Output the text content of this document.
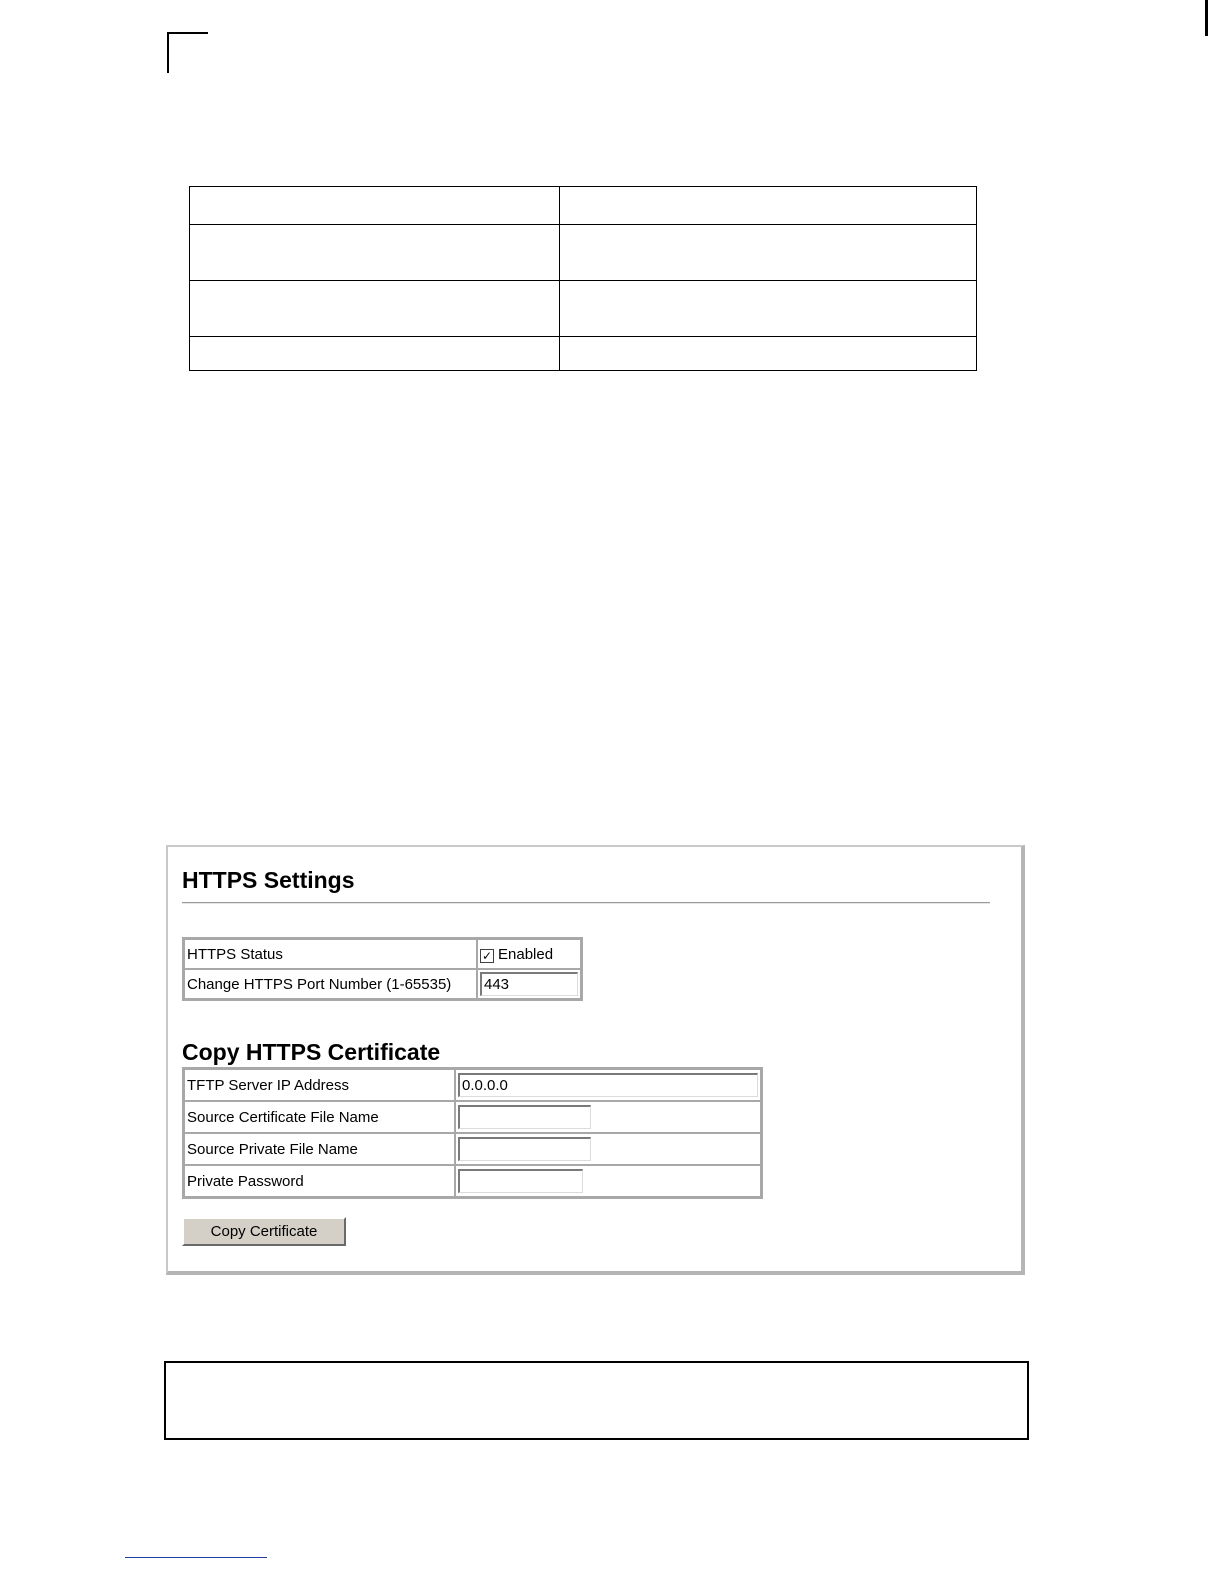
HTTPS Settings
HTTPS Status	✓ Enabled
Change HTTPS Port Number (1-65535)	443
Copy HTTPS Certificate
TFTP Server IP Address	0.0.0.0
Source Certificate File Name	
Source Private File Name	
Private Password	
Copy Certificate
